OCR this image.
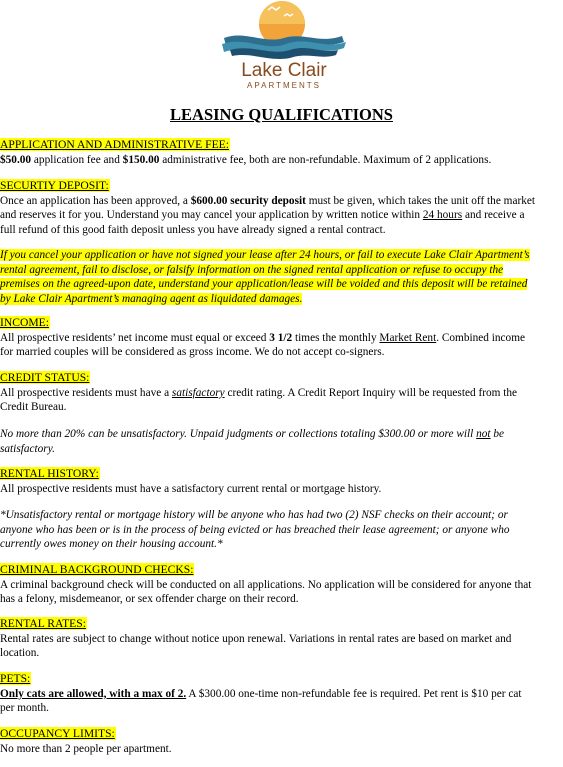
Lake Clair
APARTMENTS
LEASING QUALIFICATIONS
APPLICATION AND ADMINISTRATIVE FEE:
$50.00 application fee and $150.00 administrative fee, both are non-refundable. Maximum of 2 applications.
SECURTIY DEPOSIT:
Once an application has been approved, a $600.00 security deposit must be given, which takes the unit off the market
and reserves it for you. Understand you may cancel your application by written notice within 24 hours and receive a
full refund of this good faith deposit unless you have already signed a rental contract.
If you cancel your application or have not signed your lease after 24 hours, or fail to execute Lake Clair Apartment’s
rental agreement, fail to disclose, or falsify information on the signed rental application or refuse to occupy the
premises on the agreed-upon date, understand your application/lease will be voided and this deposit will be retained
by Lake Clair Apartment’s managing agent as liquidated damages.
INCOME:
All prospective residents’ net income must equal or exceed 3 1/2 times the monthly Market Rent. Combined income
for married couples will be considered as gross income. We do not accept co-signers.
CREDIT STATUS:
All prospective residents must have a satisfactory credit rating. A Credit Report Inquiry will be requested from the
Credit Bureau.
No more than 20% can be unsatisfactory. Unpaid judgments or collections totaling $300.00 or more will not be
satisfactory.
RENTAL HISTORY:
All prospective residents must have a satisfactory current rental or mortgage history.
*Unsatisfactory rental or mortgage history will be anyone who has had two (2) NSF checks on their account; or
anyone who has been or is in the process of being evicted or has breached their lease agreement; or anyone who
currently owes money on their housing account.*
CRIMINAL BACKGROUND CHECKS:
A criminal background check will be conducted on all applications. No application will be considered for anyone that
has a felony, misdemeanor, or sex offender charge on their record.
RENTAL RATES:
Rental rates are subject to change without notice upon renewal. Variations in rental rates are based on market and
location.
PETS:
Only cats are allowed, with a max of 2. A $300.00 one-time non-refundable fee is required. Pet rent is $10 per cat
per month.
OCCUPANCY LIMITS:
No more than 2 people per apartment.
